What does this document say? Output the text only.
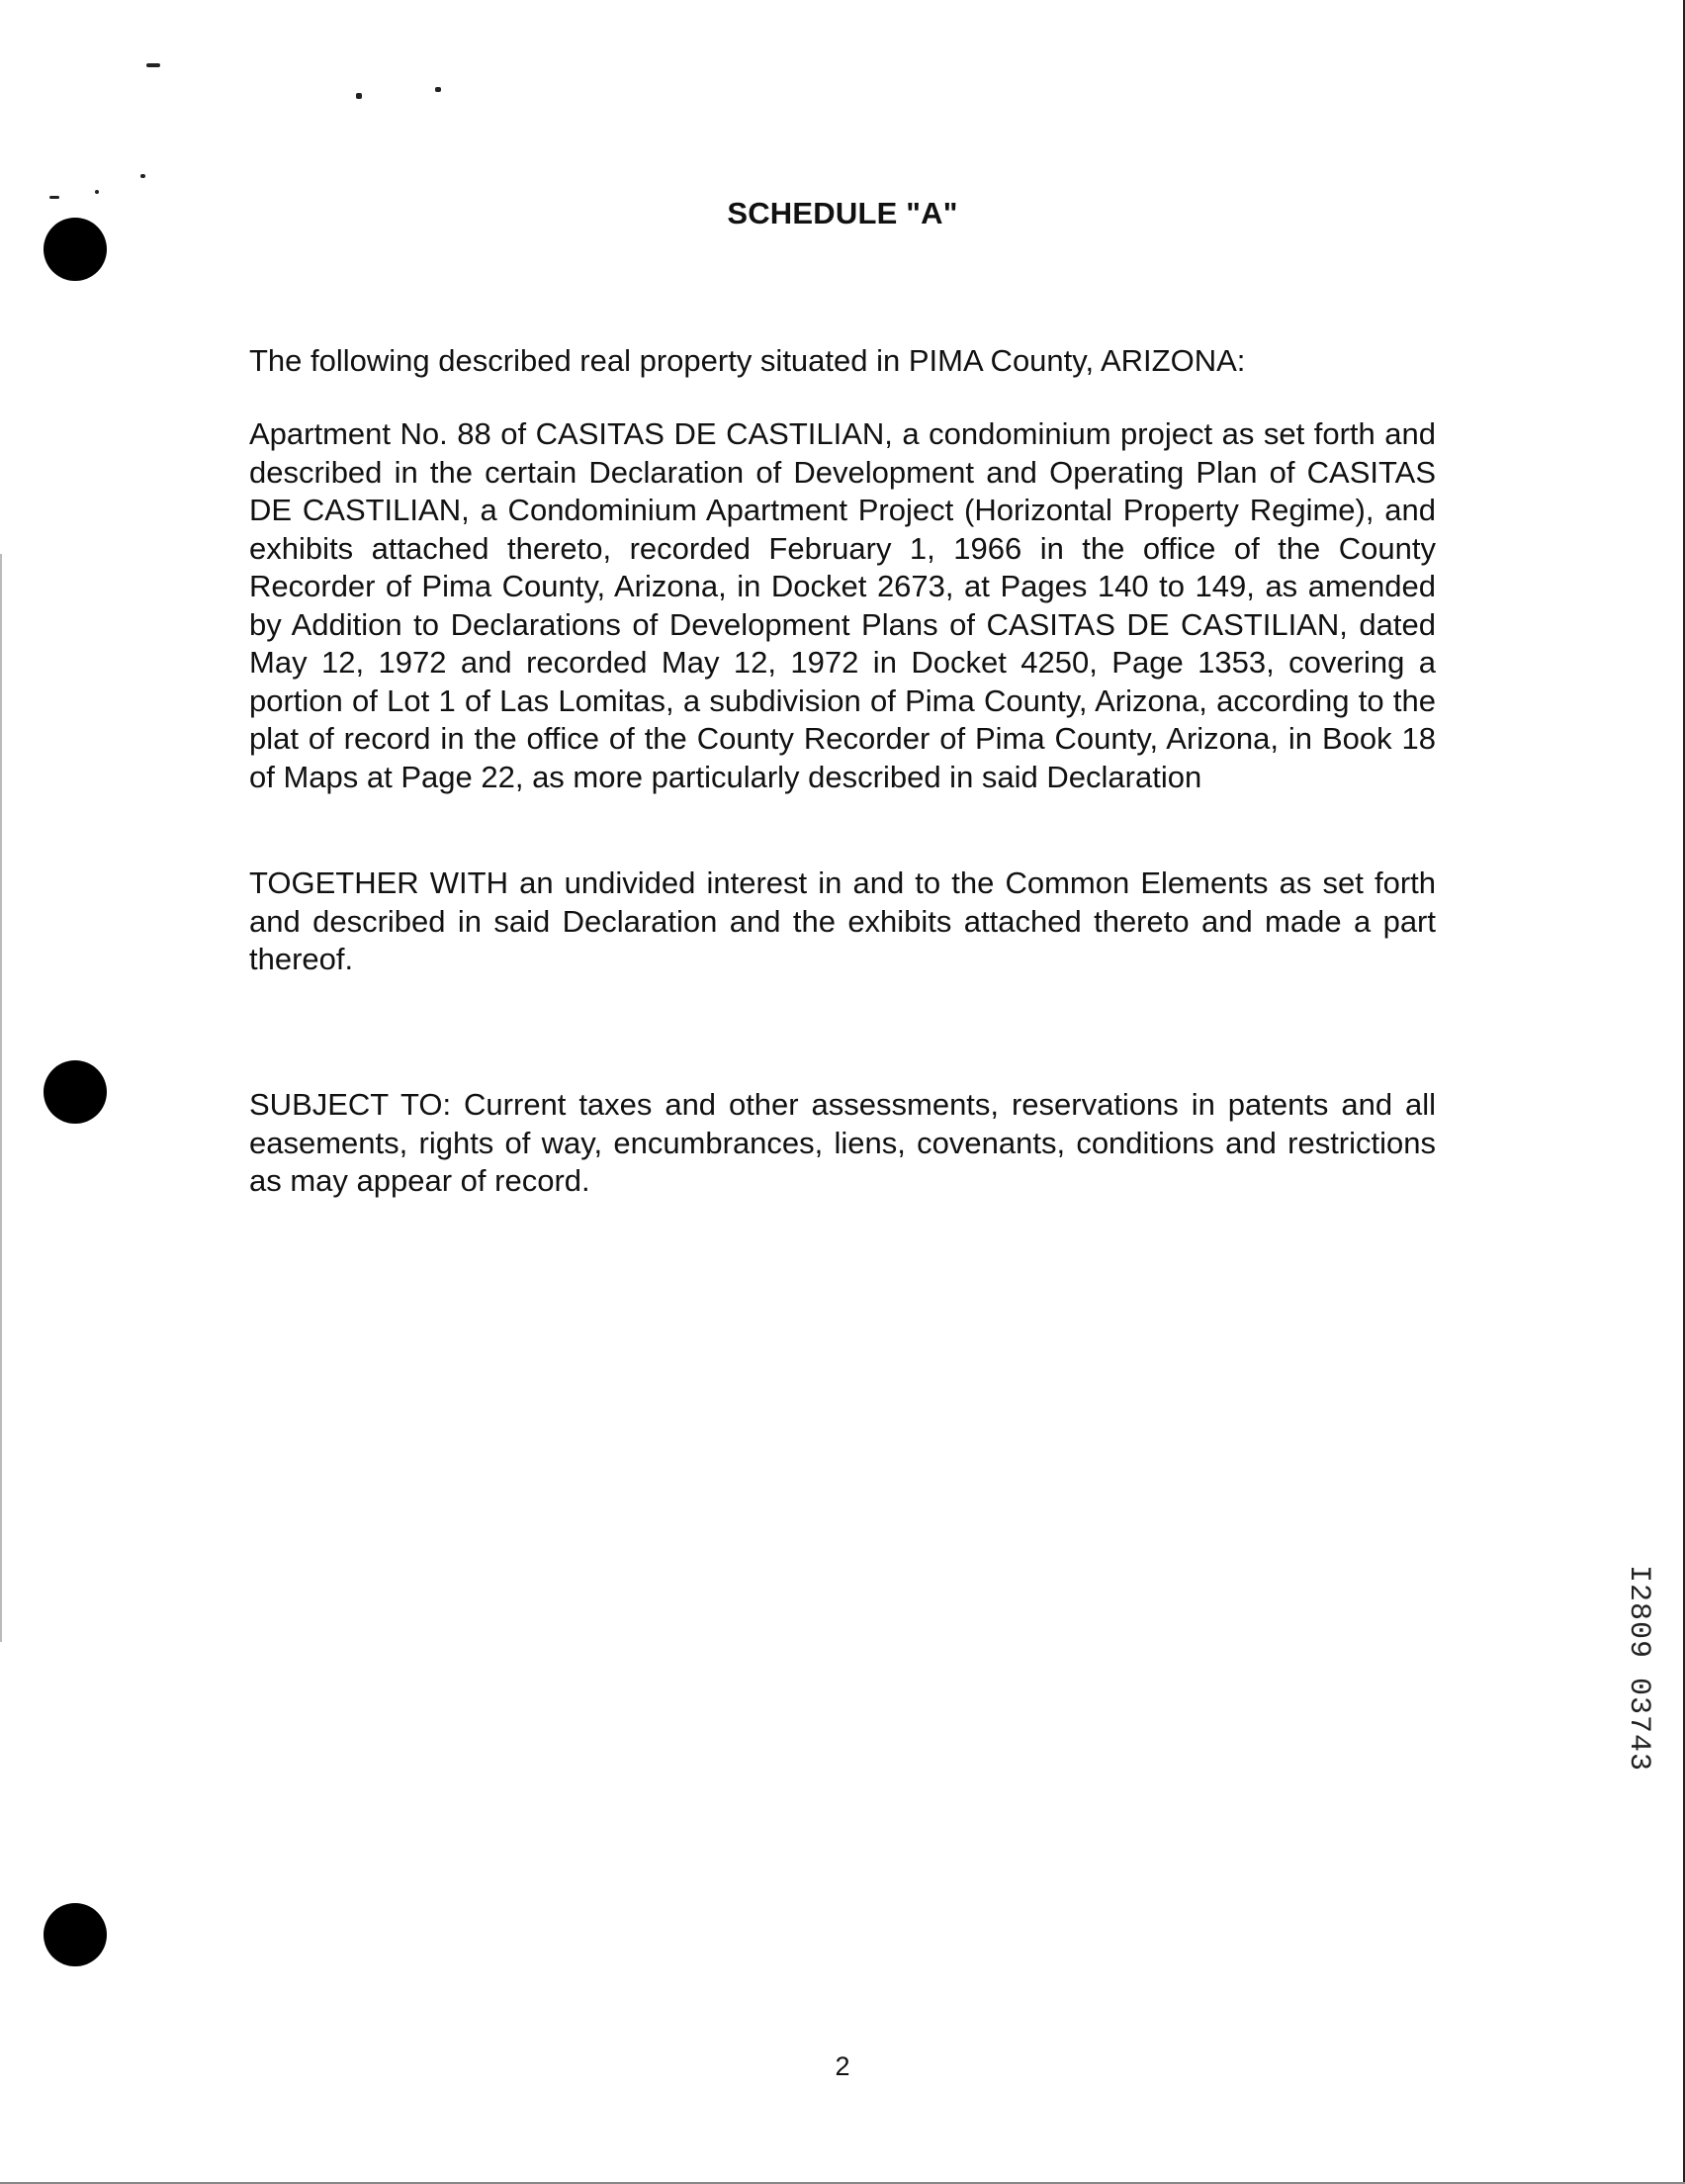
SCHEDULE "A"

The following described real property situated in PIMA County, ARIZONA:

Apartment No. 88 of CASITAS DE CASTILIAN, a condominium project as set forth and described in the certain Declaration of Development and Operating Plan of CASITAS DE CASTILIAN, a Condominium Apartment Project (Horizontal Property Regime), and exhibits attached thereto, recorded February 1, 1966 in the office of the County Recorder of Pima County, Arizona, in Docket 2673, at Pages 140 to 149, as amended by Addition to Declarations of Development Plans of CASITAS DE CASTILIAN, dated May 12, 1972 and recorded May 12, 1972 in Docket 4250, Page 1353, covering a portion of Lot 1 of Las Lomitas, a subdivision of Pima County, Arizona, according to the plat of record in the office of the County Recorder of Pima County, Arizona, in Book 18 of Maps at Page 22, as more particularly described in said Declaration

TOGETHER WITH an undivided interest in and to the Common Elements as set forth and described in said Declaration and the exhibits attached thereto and made a part thereof.

SUBJECT TO: Current taxes and other assessments, reservations in patents and all easements, rights of way, encumbrances, liens, covenants, conditions and restrictions as may appear of record.

I2809 03743
2
